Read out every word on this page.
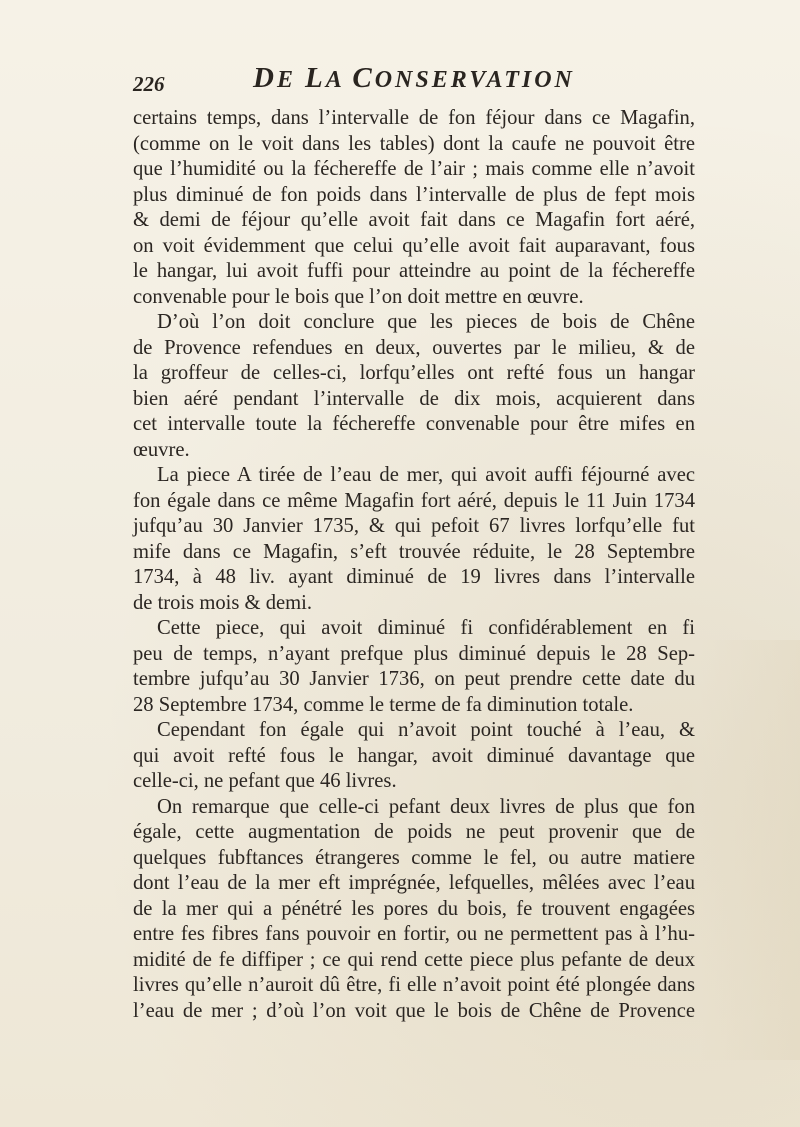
226	DE LA CONSERVATION

certains temps, dans l’intervalle de fon féjour dans ce Magafin,
(comme on le voit dans les tables) dont la caufe ne pouvoit être
que l’humidité ou la féchereffe de l’air ; mais comme elle n’avoit
plus diminué de fon poids dans l’intervalle de plus de fept mois
& demi de féjour qu’elle avoit fait dans ce Magafin fort aéré,
on voit évidemment que celui qu’elle avoit fait auparavant, fous
le hangar, lui avoit fuffi pour atteindre au point de la féchereffe
convenable pour le bois que l’on doit mettre en œuvre.

D’où l’on doit conclure que les pieces de bois de Chêne
de Provence refendues en deux, ouvertes par le milieu, & de
la groffeur de celles-ci, lorfqu’elles ont refté fous un hangar
bien aéré pendant l’intervalle de dix mois, acquierent dans
cet intervalle toute la féchereffe convenable pour être mifes en
œuvre.

La piece A tirée de l’eau de mer, qui avoit auffi féjourné avec
fon égale dans ce même Magafin fort aéré, depuis le 11 Juin 1734
jufqu’au 30 Janvier 1735, & qui pefoit 67 livres lorfqu’elle fut
mife dans ce Magafin, s’eft trouvée réduite, le 28 Septembre
1734, à 48 liv. ayant diminué de 19 livres dans l’intervalle
de trois mois & demi.

Cette piece, qui avoit diminué fi confidérablement en fi
peu de temps, n’ayant prefque plus diminué depuis le 28 Sep-
tembre jufqu’au 30 Janvier 1736, on peut prendre cette date du
28 Septembre 1734, comme le terme de fa diminution totale.

Cependant fon égale qui n’avoit point touché à l’eau, &
qui avoit refté fous le hangar, avoit diminué davantage que
celle-ci, ne pefant que 46 livres.

On remarque que celle-ci pefant deux livres de plus que fon
égale, cette augmentation de poids ne peut provenir que de
quelques fubftances étrangeres comme le fel, ou autre matiere
dont l’eau de la mer eft imprégnée, lefquelles, mêlées avec l’eau
de la mer qui a pénétré les pores du bois, fe trouvent engagées
entre fes fibres fans pouvoir en fortir, ou ne permettent pas à l’hu-
midité de fe diffiper ; ce qui rend cette piece plus pefante de deux
livres qu’elle n’auroit dû être, fi elle n’avoit point été plongée dans
l’eau de mer ; d’où l’on voit que le bois de Chêne de Provence
